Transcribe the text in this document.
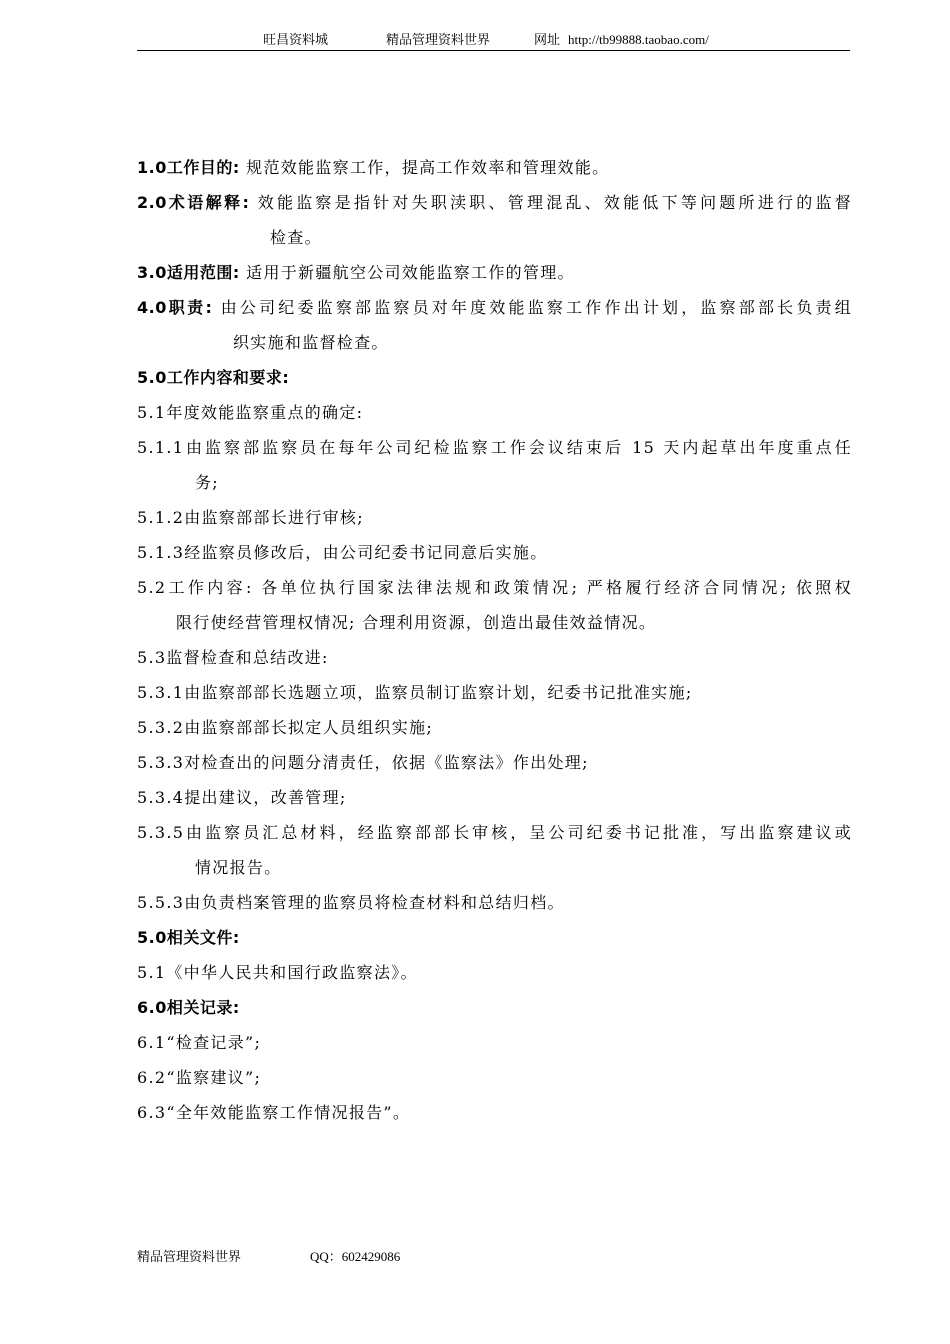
旺昌资料城	精品管理资料世界	网址 http://tb99888.taobao.com/
1.0工作目的: 规范效能监察工作，提高工作效率和管理效能。
2.0术语解释: 效能监察是指针对失职渎职、管理混乱、效能低下等问题所进行的监督
检查。
3.0适用范围: 适用于新疆航空公司效能监察工作的管理。
4.0职责: 由公司纪委监察部监察员对年度效能监察工作作出计划，监察部部长负责组
织实施和监督检查。
5.0工作内容和要求:
5.1年度效能监察重点的确定:
5.1.1由监察部监察员在每年公司纪检监察工作会议结束后 15 天内起草出年度重点任
务;
5.1.2由监察部部长进行审核;
5.1.3经监察员修改后，由公司纪委书记同意后实施。
5.2工作内容: 各单位执行国家法律法规和政策情况; 严格履行经济合同情况; 依照权
限行使经营管理权情况; 合理利用资源，创造出最佳效益情况。
5.3监督检查和总结改进:
5.3.1由监察部部长选题立项，监察员制订监察计划，纪委书记批准实施;
5.3.2由监察部部长拟定人员组织实施;
5.3.3对检查出的问题分清责任，依据《监察法》作出处理;
5.3.4提出建议，改善管理;
5.3.5由监察员汇总材料，经监察部部长审核，呈公司纪委书记批准，写出监察建议或
情况报告。
5.5.3由负责档案管理的监察员将检查材料和总结归档。
5.0相关文件:
5.1《中华人民共和国行政监察法》。
6.0相关记录:
6.1“检查记录”;
6.2“监察建议”;
6.3“全年效能监察工作情况报告”。
精品管理资料世界	QQ：602429086
